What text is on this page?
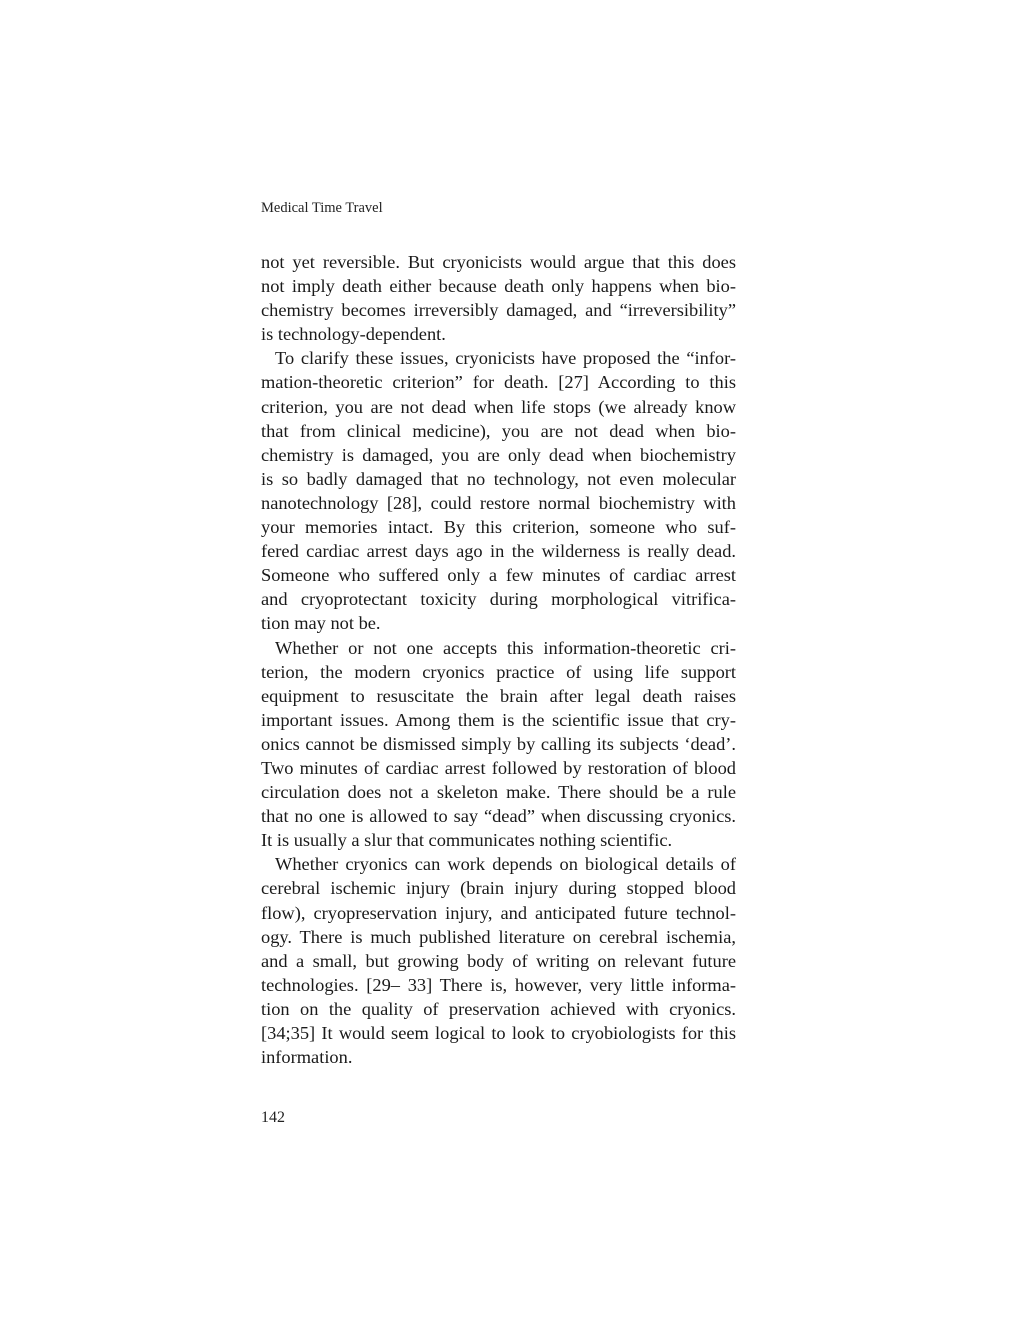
Medical Time Travel
not yet reversible. But cryonicists would argue that this does
not imply death either because death only happens when bio-
chemistry becomes irreversibly damaged, and “irreversibility”
is technology-dependent.
To clarify these issues, cryonicists have proposed the “infor-
mation-theoretic criterion” for death. [27] According to this
criterion, you are not dead when life stops (we already know
that from clinical medicine), you are not dead when bio-
chemistry is damaged, you are only dead when biochemistry
is so badly damaged that no technology, not even molecular
nanotechnology [28], could restore normal biochemistry with
your memories intact. By this criterion, someone who suf-
fered cardiac arrest days ago in the wilderness is really dead.
Someone who suffered only a few minutes of cardiac arrest
and cryoprotectant toxicity during morphological vitrifica-
tion may not be.
Whether or not one accepts this information-theoretic cri-
terion, the modern cryonics practice of using life support
equipment to resuscitate the brain after legal death raises
important issues. Among them is the scientific issue that cry-
onics cannot be dismissed simply by calling its subjects ‘dead’.
Two minutes of cardiac arrest followed by restoration of blood
circulation does not a skeleton make. There should be a rule
that no one is allowed to say “dead” when discussing cryonics.
It is usually a slur that communicates nothing scientific.
Whether cryonics can work depends on biological details of
cerebral ischemic injury (brain injury during stopped blood
flow), cryopreservation injury, and anticipated future technol-
ogy. There is much published literature on cerebral ischemia,
and a small, but growing body of writing on relevant future
technologies. [29– 33] There is, however, very little informa-
tion on the quality of preservation achieved with cryonics.
[34;35] It would seem logical to look to cryobiologists for this
information.
142
